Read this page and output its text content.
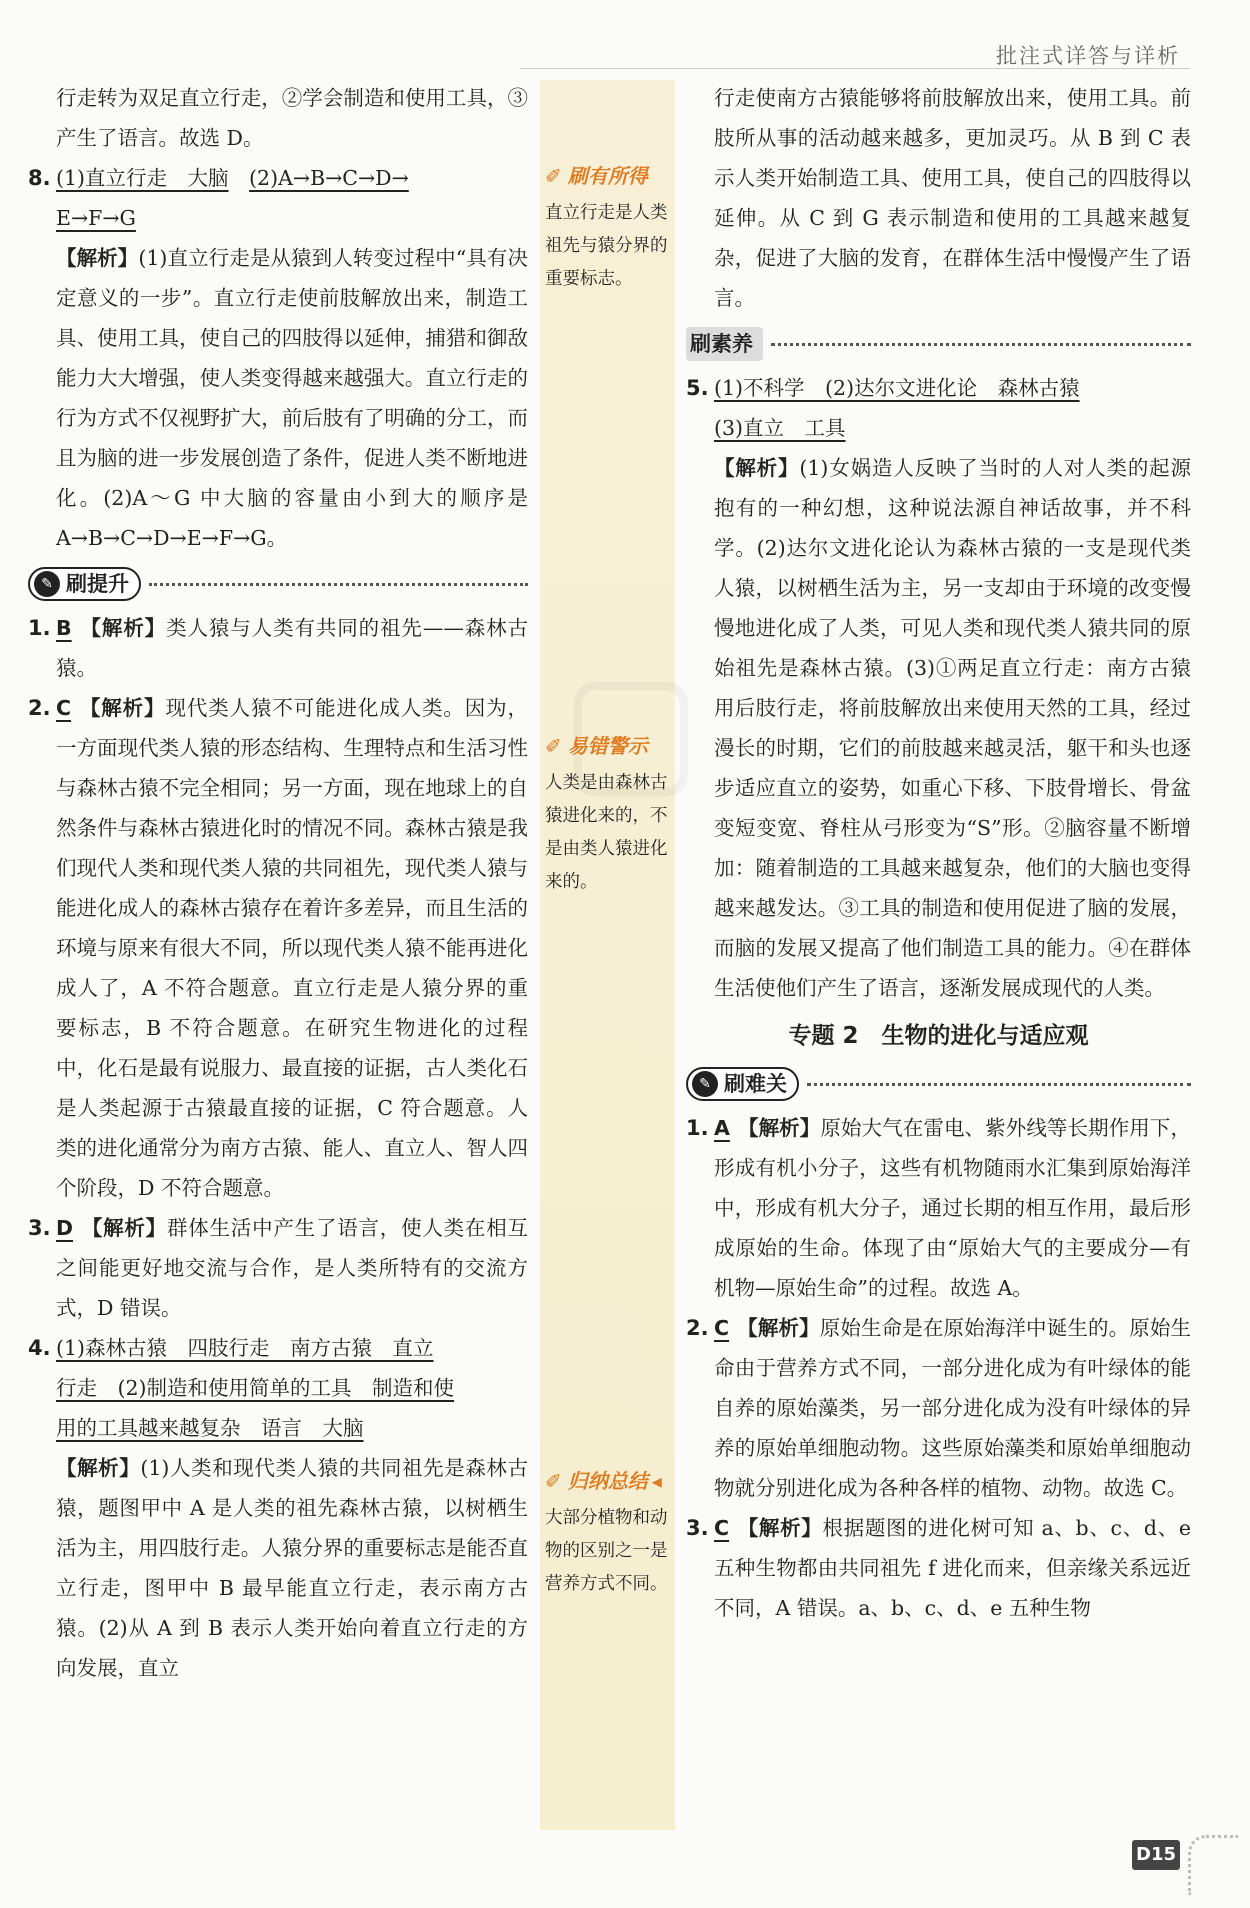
批注式详答与详析

行走转为双足直立行走，②学会制造和使用工具，③产生了语言。故选 D。

8. (1)直立行走　大脑　 (2)A→B→C→D→

E→F→G

【解析】(1)直立行走是从猿到人转变过程中“具有决定意义的一步”。直立行走使前肢解放出来，制造工具、使用工具，使自己的四肢得以延伸，捕猎和御敌能力大大增强，使人类变得越来越强大。直立行走的行为方式不仅视野扩大，前后肢有了明确的分工，而且为脑的进一步发展创造了条件，促进人类不断地进化。(2)A～G 中大脑的容量由小到大的顺序是 A→B→C→D→E→F→G。

✎ 刷提升

1. B 【解析】类人猿与人类有共同的祖先——森林古猿。

2. C 【解析】现代类人猿不可能进化成人类。因为，一方面现代类人猿的形态结构、生理特点和生活习性与森林古猿不完全相同；另一方面，现在地球上的自然条件与森林古猿进化时的情况不同。森林古猿是我们现代人类和现代类人猿的共同祖先，现代类人猿与能进化成人的森林古猿存在着许多差异，而且生活的环境与原来有很大不同，所以现代类人猿不能再进化成人了，A 不符合题意。直立行走是人猿分界的重要标志，B 不符合题意。在研究生物进化的过程中，化石是最有说服力、最直接的证据，古人类化石是人类起源于古猿最直接的证据，C 符合题意。人类的进化通常分为南方古猿、能人、直立人、智人四个阶段，D 不符合题意。

3. D 【解析】群体生活中产生了语言，使人类在相互之间能更好地交流与合作，是人类所特有的交流方式，D 错误。

4. (1)森林古猿　四肢行走　南方古猿　直立

行走　(2)制造和使用简单的工具　制造和使

用的工具越来越复杂　语言　大脑

【解析】(1)人类和现代类人猿的共同祖先是森林古猿，题图甲中 A 是人类的祖先森林古猿，以树栖生活为主，用四肢行走。人猿分界的重要标志是能否直立行走，图甲中 B 最早能直立行走，表示南方古猿。(2)从 A 到 B 表示人类开始向着直立行走的方向发展，直立

✐ 刷有所得
直立行走是人类祖先与猿分界的重要标志。
✐ 易错警示
人类是由森林古猿进化来的，不是由类人猿进化来的。
✐ 归纳总结 ◂
大部分植物和动物的区别之一是营养方式不同。

行走使南方古猿能够将前肢解放出来，使用工具。前肢所从事的活动越来越多，更加灵巧。从 B 到 C 表示人类开始制造工具、使用工具，使自己的四肢得以延伸。从 C 到 G 表示制造和使用的工具越来越复杂，促进了大脑的发育，在群体生活中慢慢产生了语言。

刷素养

5. (1)不科学　(2)达尔文进化论　森林古猿

(3)直立　工具

【解析】(1)女娲造人反映了当时的人对人类的起源抱有的一种幻想，这种说法源自神话故事，并不科学。(2)达尔文进化论认为森林古猿的一支是现代类人猿，以树栖生活为主，另一支却由于环境的改变慢慢地进化成了人类，可见人类和现代类人猿共同的原始祖先是森林古猿。(3)①两足直立行走：南方古猿用后肢行走，将前肢解放出来使用天然的工具，经过漫长的时期，它们的前肢越来越灵活，躯干和头也逐步适应直立的姿势，如重心下移、下肢骨增长、骨盆变短变宽、脊柱从弓形变为“S”形。②脑容量不断增加：随着制造的工具越来越复杂，他们的大脑也变得越来越发达。③工具的制造和使用促进了脑的发展，而脑的发展又提高了他们制造工具的能力。④在群体生活使他们产生了语言，逐渐发展成现代的人类。

专题 2　生物的进化与适应观
✎ 刷难关

1. A 【解析】原始大气在雷电、紫外线等长期作用下，形成有机小分子，这些有机物随雨水汇集到原始海洋中，形成有机大分子，通过长期的相互作用，最后形成原始的生命。体现了由“原始大气的主要成分—有机物—原始生命”的过程。故选 A。

2. C 【解析】原始生命是在原始海洋中诞生的。原始生命由于营养方式不同，一部分进化成为有叶绿体的能自养的原始藻类，另一部分进化成为没有叶绿体的异养的原始单细胞动物。这些原始藻类和原始单细胞动物就分别进化成为各种各样的植物、动物。故选 C。

3. C 【解析】根据题图的进化树可知 a、b、c、d、e 五种生物都由共同祖先 f 进化而来，但亲缘关系远近不同，A 错误。a、b、c、d、e 五种生物

D15
